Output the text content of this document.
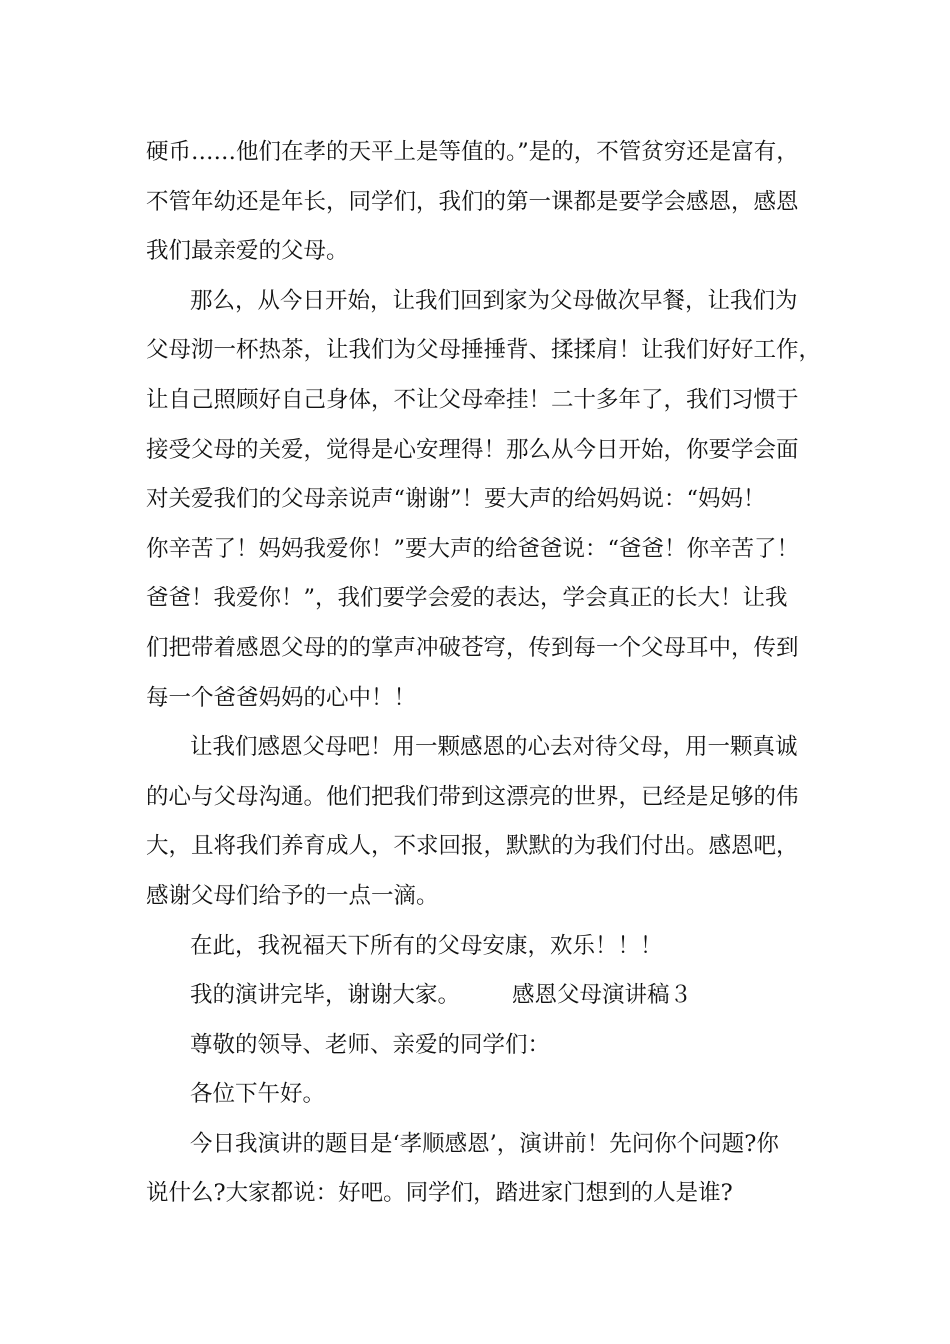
硬币……他们在孝的天平上是等值的。”是的，不管贫穷还是富有，
不管年幼还是年长，同学们，我们的第一课都是要学会感恩，感恩
我们最亲爱的父母。
那么，从今日开始，让我们回到家为父母做次早餐，让我们为
父母沏一杯热茶，让我们为父母捶捶背、揉揉肩！让我们好好工作，
让自己照顾好自己身体，不让父母牵挂！二十多年了，我们习惯于
接受父母的关爱，觉得是心安理得！那么从今日开始，你要学会面
对关爱我们的父母亲说声“谢谢”！要大声的给妈妈说：“妈妈！
你辛苦了！妈妈我爱你！”要大声的给爸爸说：“爸爸！你辛苦了！
爸爸！我爱你！”，我们要学会爱的表达，学会真正的长大！让我
们把带着感恩父母的的掌声冲破苍穹，传到每一个父母耳中，传到
每一个爸爸妈妈的心中！！
让我们感恩父母吧！用一颗感恩的心去对待父母，用一颗真诚
的心与父母沟通。他们把我们带到这漂亮的世界，已经是足够的伟
大，且将我们养育成人，不求回报，默默的为我们付出。感恩吧，
感谢父母们给予的一点一滴。
在此，我祝福天下所有的父母安康，欢乐！！！
我的演讲完毕，谢谢大家。 感恩父母演讲稿３
尊敬的领导、老师、亲爱的同学们：
各位下午好。
今日我演讲的题目是‘孝顺感恩’，演讲前！先问你个问题?你
说什么?大家都说：好吧。同学们，踏进家门想到的人是谁?
